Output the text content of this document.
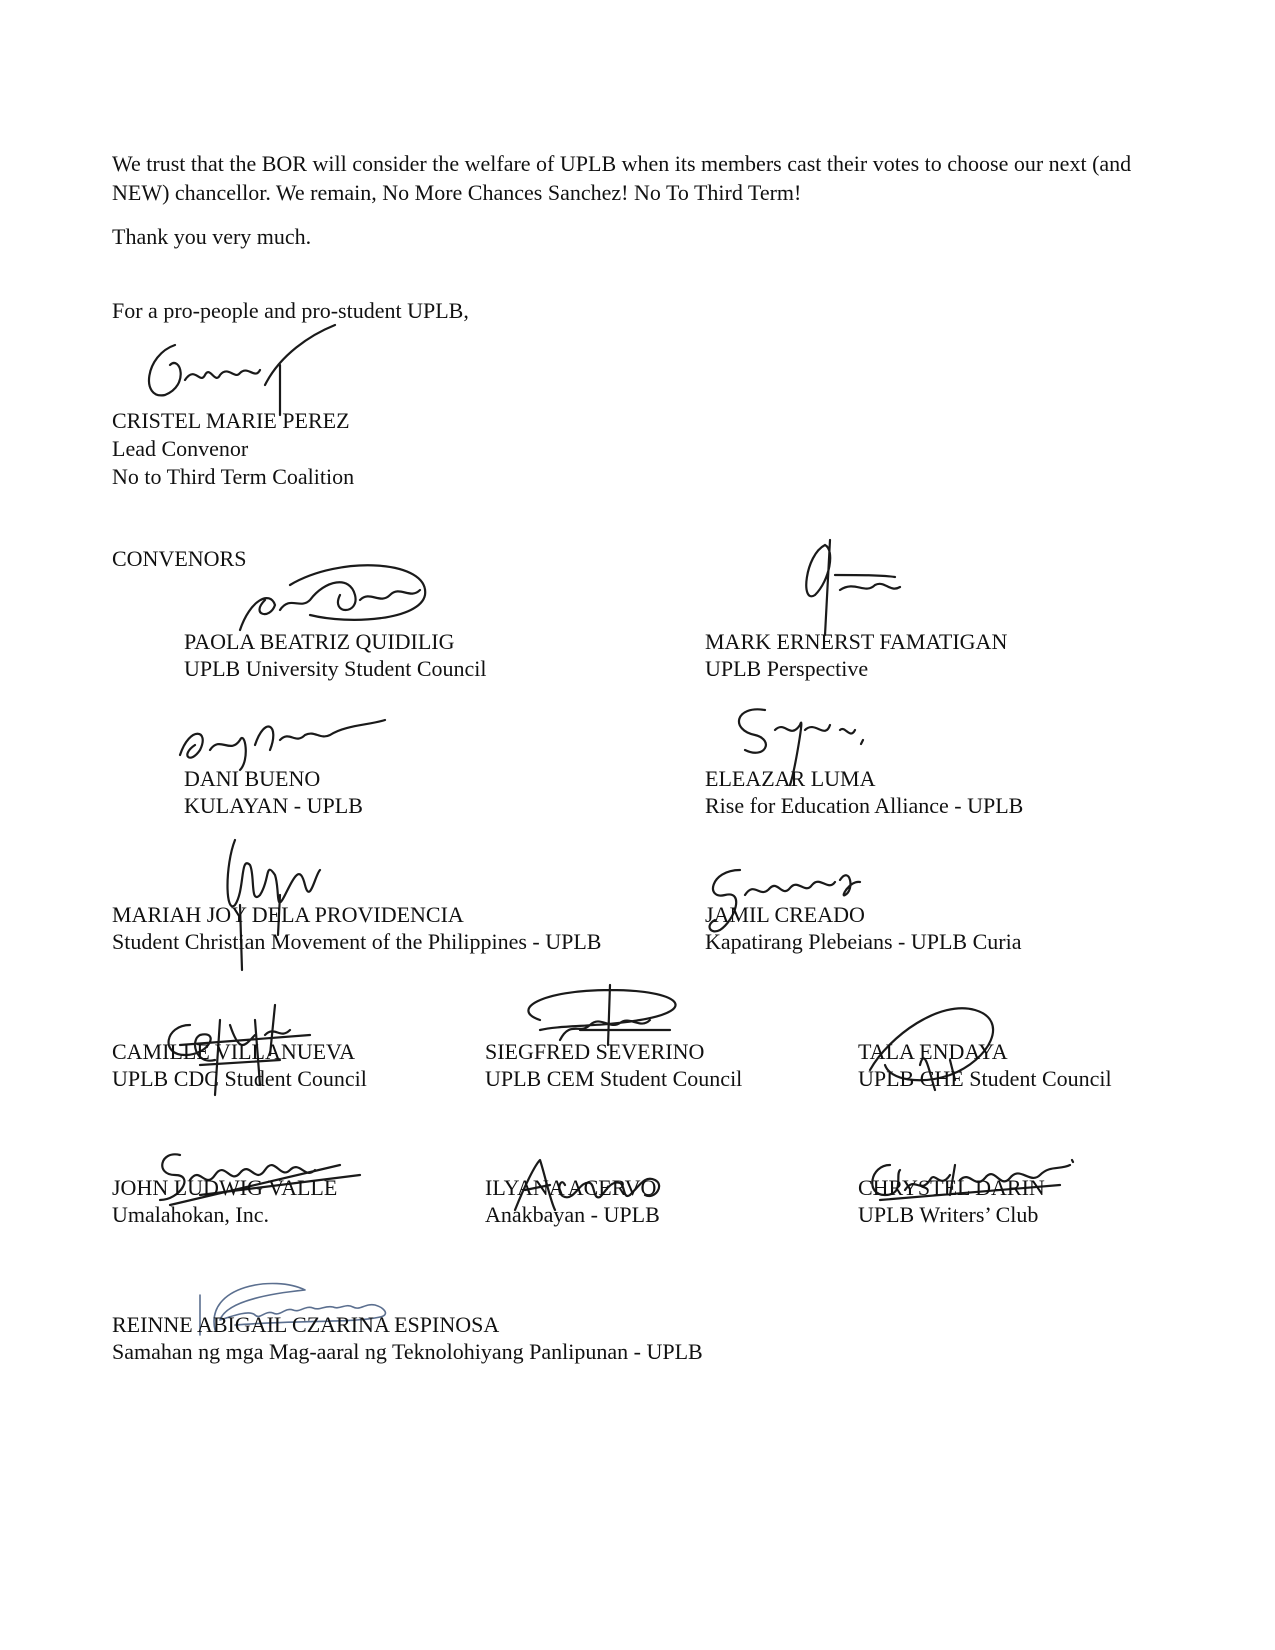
We trust that the BOR will consider the welfare of UPLB when its members cast their votes to choose our next (and NEW) chancellor. We remain, No More Chances Sanchez! No To Third Term!
Thank you very much.
For a pro-people and pro-student UPLB,
CRISTEL MARIE PEREZ
Lead Convenor
No to Third Term Coalition
CONVENORS
PAOLA BEATRIZ QUIDILIG
UPLB University Student Council
MARK ERNERST FAMATIGAN
UPLB Perspective
DANI BUENO
KULAYAN - UPLB
ELEAZAR LUMA
Rise for Education Alliance - UPLB
MARIAH JOY DELA PROVIDENCIA
Student Christian Movement of the Philippines - UPLB
JAMIL CREADO
Kapatirang Plebeians - UPLB Curia
CAMILLE VILLANUEVA
UPLB CDC Student Council
SIEGFRED SEVERINO
UPLB CEM Student Council
TALA ENDAYA
UPLB CHE Student Council
JOHN LUDWIG VALLE
Umalahokan, Inc.
ILYANA ACERVO
Anakbayan - UPLB
CHRYSTEL DARIN
UPLB Writers’ Club
REINNE ABIGAIL CZARINA ESPINOSA
Samahan ng mga Mag-aaral ng Teknolohiyang Panlipunan - UPLB
